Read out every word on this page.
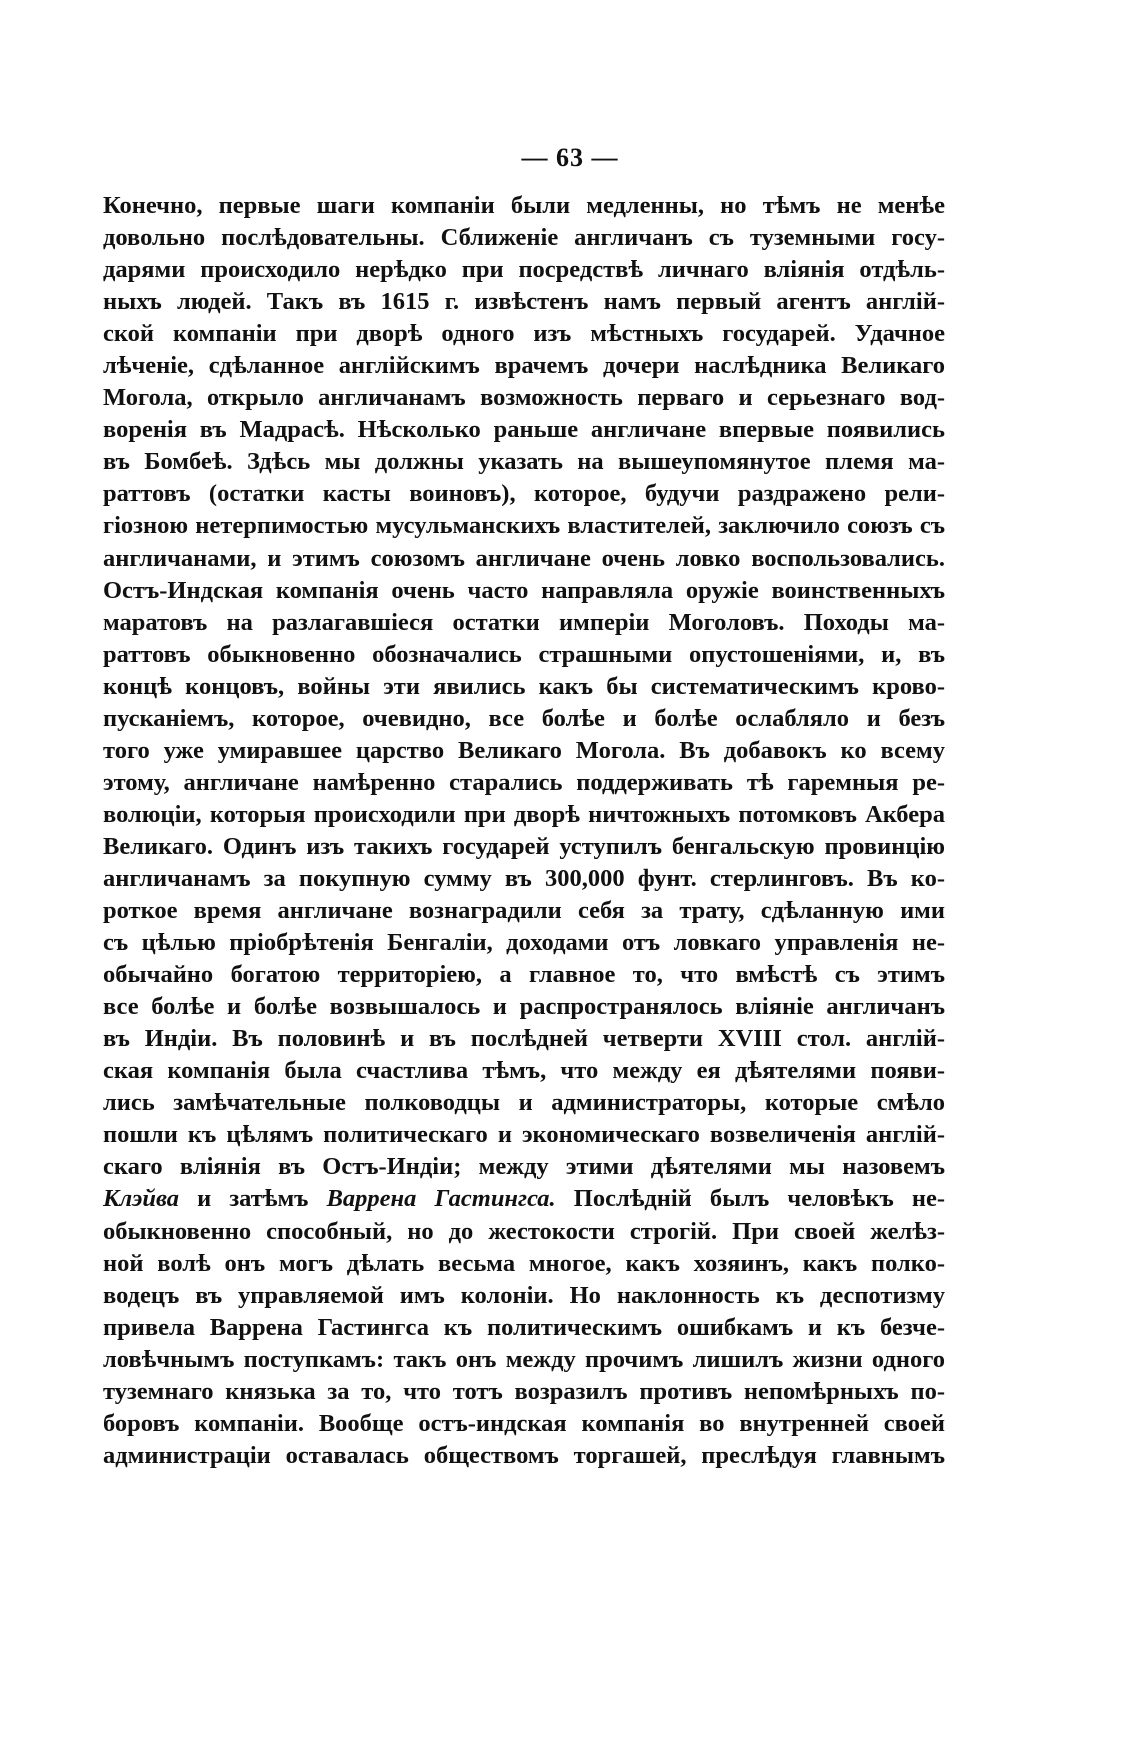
— 63 —
Конечно, первые шаги компаніи были медленны, но тѣмъ не менѣе
довольно послѣдовательны. Сближеніе англичанъ съ туземными госу-
дарями происходило нерѣдко при посредствѣ личнаго вліянія отдѣль-
ныхъ людей. Такъ въ 1615 г. извѣстенъ намъ первый агентъ англій-
ской компаніи при дворѣ одного изъ мѣстныхъ государей. Удачное
лѣченіе, сдѣланное англійскимъ врачемъ дочери наслѣдника Великаго
Могола, открыло англичанамъ возможность перваго и серьезнаго вод-
воренія въ Мадрасѣ. Нѣсколько раньше англичане впервые появились
въ Бомбеѣ. Здѣсь мы должны указать на вышеупомянутое племя ма-
раттовъ (остатки касты воиновъ), которое, будучи раздражено рели-
гіозною нетерпимостью мусульманскихъ властителей, заключило союзъ съ
англичанами, и этимъ союзомъ англичане очень ловко воспользовались.
Остъ-Индская компанія очень часто направляла оружіе воинственныхъ
маратовъ на разлагавшіеся остатки имперіи Моголовъ. Походы ма-
раттовъ обыкновенно обозначались страшными опустошеніями, и, въ
концѣ концовъ, войны эти явились какъ бы систематическимъ крово-
пусканіемъ, которое, очевидно, все болѣе и болѣе ослабляло и безъ
того уже умиравшее царство Великаго Могола. Въ добавокъ ко всему
этому, англичане намѣренно старались поддерживать тѣ гаремныя ре-
волюціи, которыя происходили при дворѣ ничтожныхъ потомковъ Акбера
Великаго. Одинъ изъ такихъ государей уступилъ бенгальскую провинцію
англичанамъ за покупную сумму въ 300,000 фунт. стерлинговъ. Въ ко-
роткое время англичане вознаградили себя за трату, сдѣланную ими
съ цѣлью пріобрѣтенія Бенгаліи, доходами отъ ловкаго управленія не-
обычайно богатою территоріею, а главное то, что вмѣстѣ съ этимъ
все болѣе и болѣе возвышалось и распространялось вліяніе англичанъ
въ Индіи. Въ половинѣ и въ послѣдней четверти XVIII стол. англій-
ская компанія была счастлива тѣмъ, что между ея дѣятелями появи-
лись замѣчательные полководцы и администраторы, которые смѣло
пошли къ цѣлямъ политическаго и экономическаго возвеличенія англій-
скаго вліянія въ Остъ-Индіи; между этими дѣятелями мы назовемъ
Клэйва и затѣмъ Варрена Гастингса. Послѣдній былъ человѣкъ не-
обыкновенно способный, но до жестокости строгій. При своей желѣз-
ной волѣ онъ могъ дѣлать весьма многое, какъ хозяинъ, какъ полко-
водецъ въ управляемой имъ колоніи. Но наклонность къ деспотизму
привела Варрена Гастингса къ политическимъ ошибкамъ и къ безче-
ловѣчнымъ поступкамъ: такъ онъ между прочимъ лишилъ жизни одного
туземнаго князька за то, что тотъ возразилъ противъ непомѣрныхъ по-
боровъ компаніи. Вообще остъ-индская компанія во внутренней своей
администраціи оставалась обществомъ торгашей, преслѣдуя главнымъ
